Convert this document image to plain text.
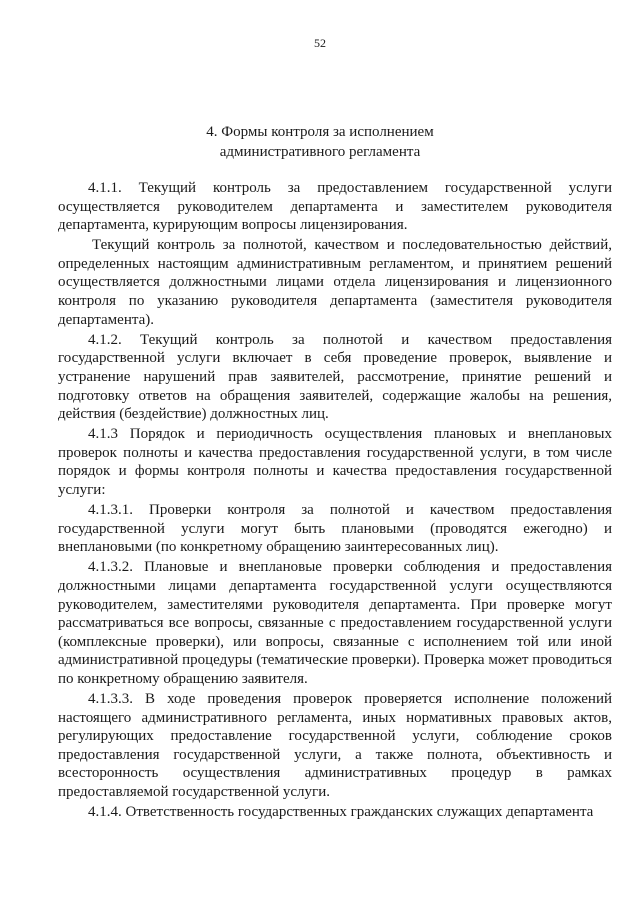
52
4. Формы контроля за исполнением
административного регламента

4.1.1. Текущий контроль за предоставлением государственной услуги осуществляется руководителем департамента и заместителем руководителя департамента, курирующим вопросы лицензирования.

Текущий контроль за полнотой, качеством и последовательностью действий, определенных настоящим административным регламентом, и принятием решений осуществляется должностными лицами отдела лицензирования и лицензионного контроля по указанию руководителя департамента (заместителя руководителя департамента).

4.1.2. Текущий контроль за полнотой и качеством предоставления государственной услуги включает в себя проведение проверок, выявление и устранение нарушений прав заявителей, рассмотрение, принятие решений и подготовку ответов на обращения заявителей, содержащие жалобы на решения, действия (бездействие) должностных лиц.

4.1.3 Порядок и периодичность осуществления плановых и внеплановых проверок полноты и качества предоставления государственной услуги, в том числе порядок и формы контроля полноты и качества предоставления государственной услуги:

4.1.3.1. Проверки контроля за полнотой и качеством предоставления государственной услуги могут быть плановыми (проводятся ежегодно) и внеплановыми (по конкретному обращению заинтересованных лиц).

4.1.3.2. Плановые и внеплановые проверки соблюдения и предоставления должностными лицами департамента государственной услуги осуществляются руководителем, заместителями руководителя департамента. При проверке могут рассматриваться все вопросы, связанные с предоставлением государственной услуги (комплексные проверки), или вопросы, связанные с исполнением той или иной административной процедуры (тематические проверки). Проверка может проводиться по конкретному обращению заявителя.

4.1.3.3. В ходе проведения проверок проверяется исполнение положений настоящего административного регламента, иных нормативных правовых актов, регулирующих предоставление государственной услуги, соблюдение сроков предоставления государственной услуги, а также полнота, объективность и всесторонность осуществления административных процедур в рамках предоставляемой государственной услуги.

4.1.4. Ответственность государственных гражданских служащих департамента
